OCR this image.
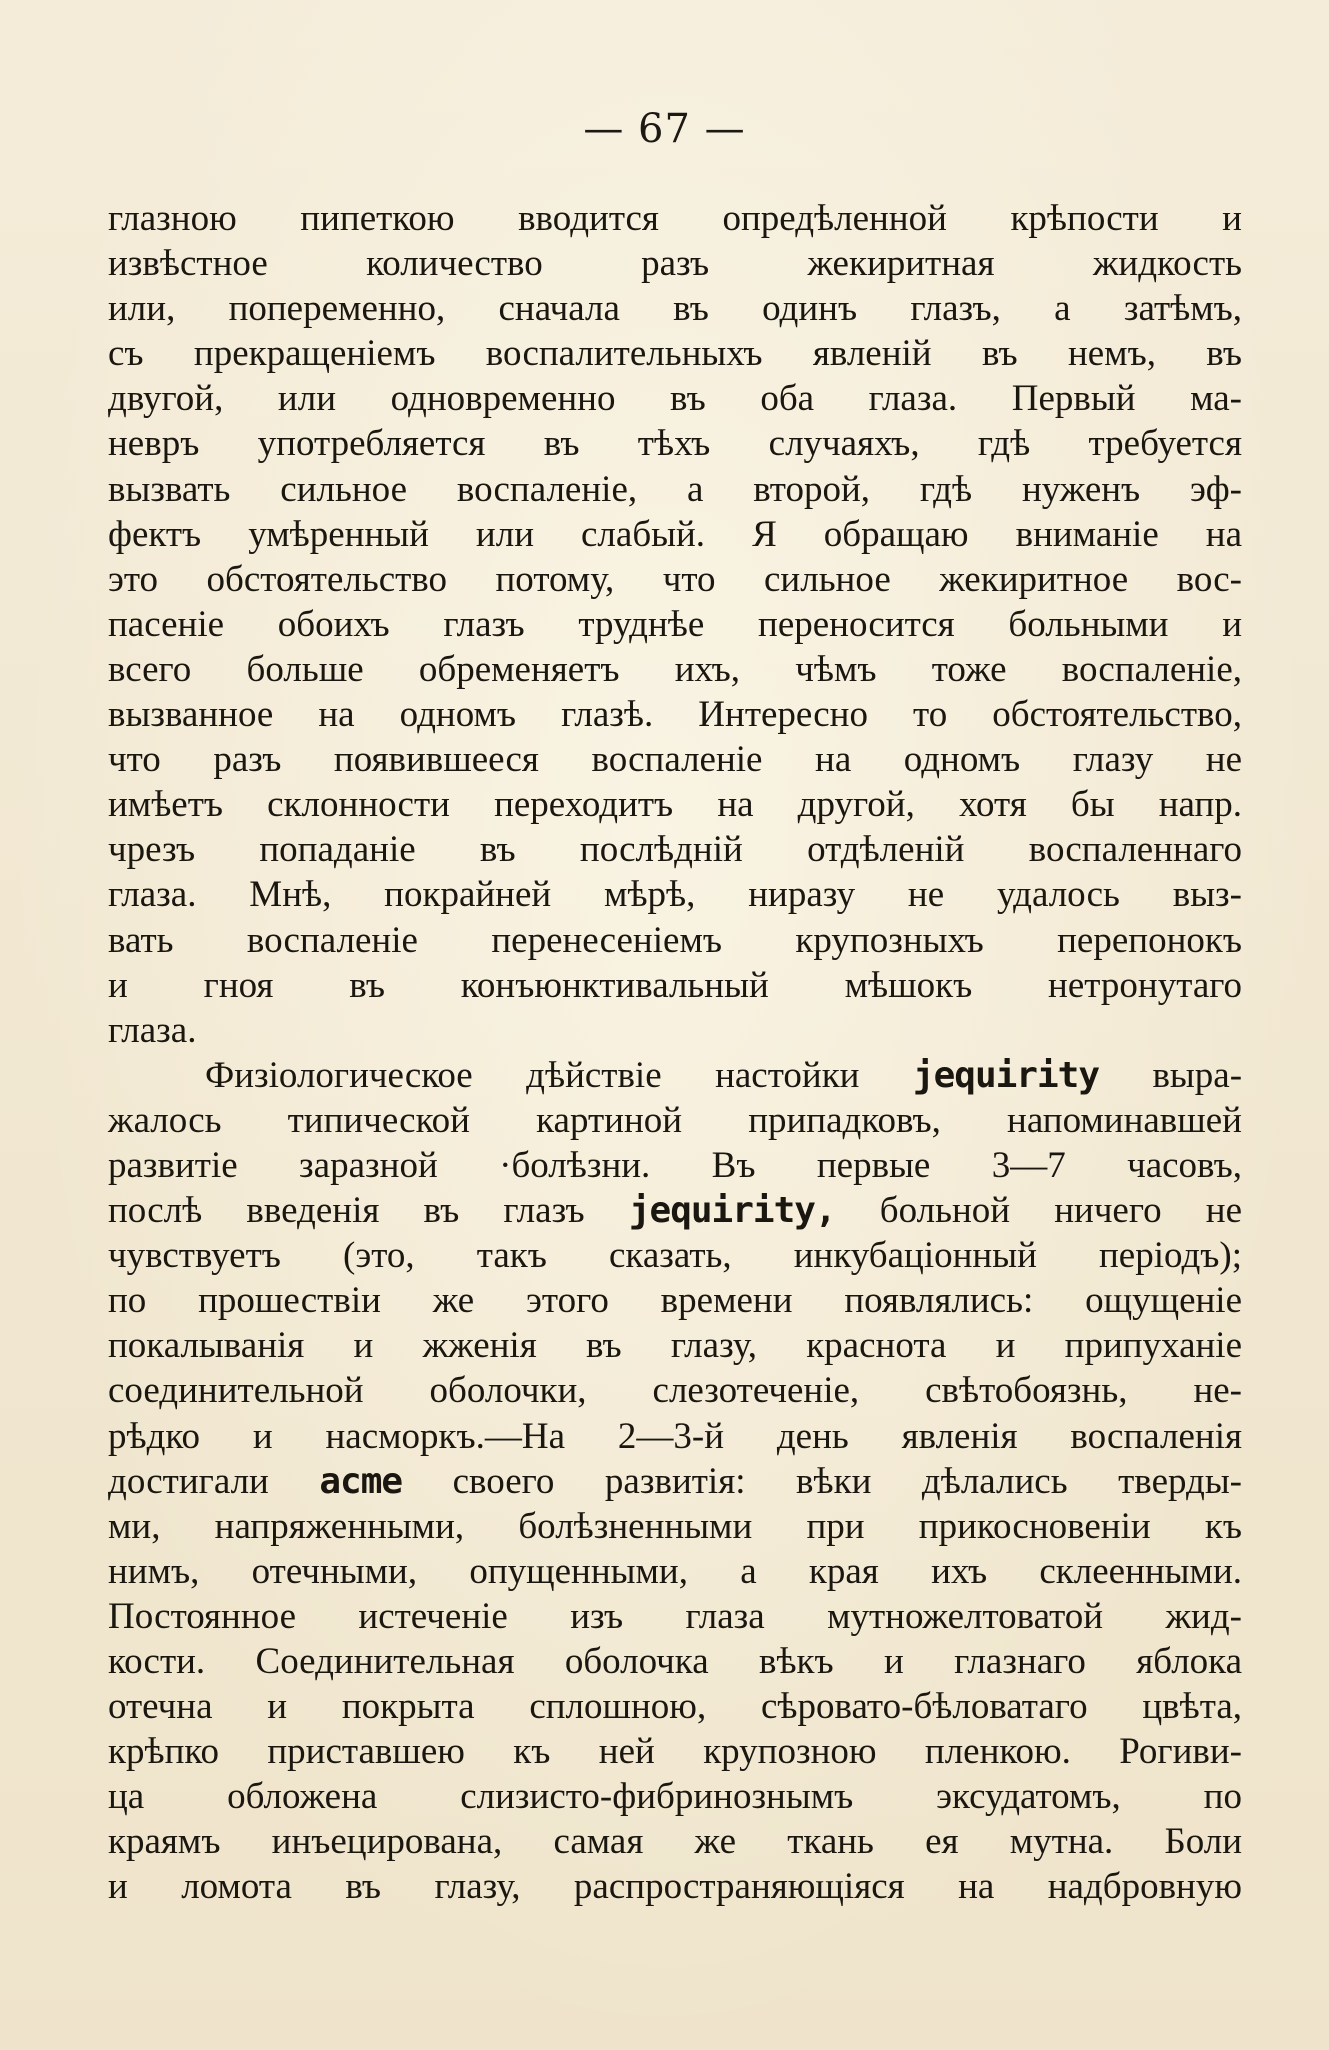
— 67 —
глазною пипеткою вводится опредѣленной крѣпости и
извѣстное количество разъ жекиритная жидкость
или, попеременно, сначала въ одинъ глазъ, а затѣмъ,
съ прекращеніемъ воспалительныхъ явленій въ немъ, въ
двугой, или одновременно въ оба глаза. Первый ма-
невръ употребляется въ тѣхъ случаяхъ, гдѣ требуется
вызвать сильное воспаленіе, а второй, гдѣ нуженъ эф-
фектъ умѣренный или слабый. Я обращаю вниманіе на
это обстоятельство потому, что сильное жекиритное вос-
пасеніе обоихъ глазъ труднѣе переносится больными и
всего больше обременяетъ ихъ, чѣмъ тоже воспаленіе,
вызванное на одномъ глазѣ. Интересно то обстоятельство,
что разъ появившееся воспаленіе на одномъ глазу не
имѣетъ склонности переходитъ на другой, хотя бы напр.
чрезъ попаданіе въ послѣдній отдѣленій воспаленнаго
глаза. Мнѣ, покрайней мѣрѣ, ниразу не удалось выз-
вать воспаленіе перенесеніемъ крупозныхъ перепонокъ
и гноя въ конъюнктивальный мѣшокъ нетронутаго
глаза.
Физіологическое дѣйствіе настойки jequirity выра-
жалось типической картиной припадковъ, напоминавшей
развитіе заразной ·болѣзни. Въ первые 3—7 часовъ,
послѣ введенія въ глазъ jequirity, больной ничего не
чувствуетъ (это, такъ сказать, инкубаціонный періодъ);
по прошествіи же этого времени появлялись: ощущеніе
покалыванія и жженія въ глазу, краснота и припуханіе
соединительной оболочки, слезотеченіе, свѣтобоязнь, не-
рѣдко и насморкъ.—На 2—3-й день явленія воспаленія
достигали acme своего развитія: вѣки дѣлались тверды-
ми, напряженными, болѣзненными при прикосновеніи къ
нимъ, отечными, опущенными, а края ихъ склеенными.
Постоянное истеченіе изъ глаза мутножелтоватой жид-
кости. Соединительная оболочка вѣкъ и глазнаго яблока
отечна и покрыта сплошною, сѣровато-бѣловатаго цвѣта,
крѣпко приставшею къ ней крупозною пленкою. Рогиви-
ца обложена слизисто-фибринознымъ эксудатомъ, по
краямъ инъецирована, самая же ткань ея мутна. Боли
и ломота въ глазу, распространяющіяся на надбровную
